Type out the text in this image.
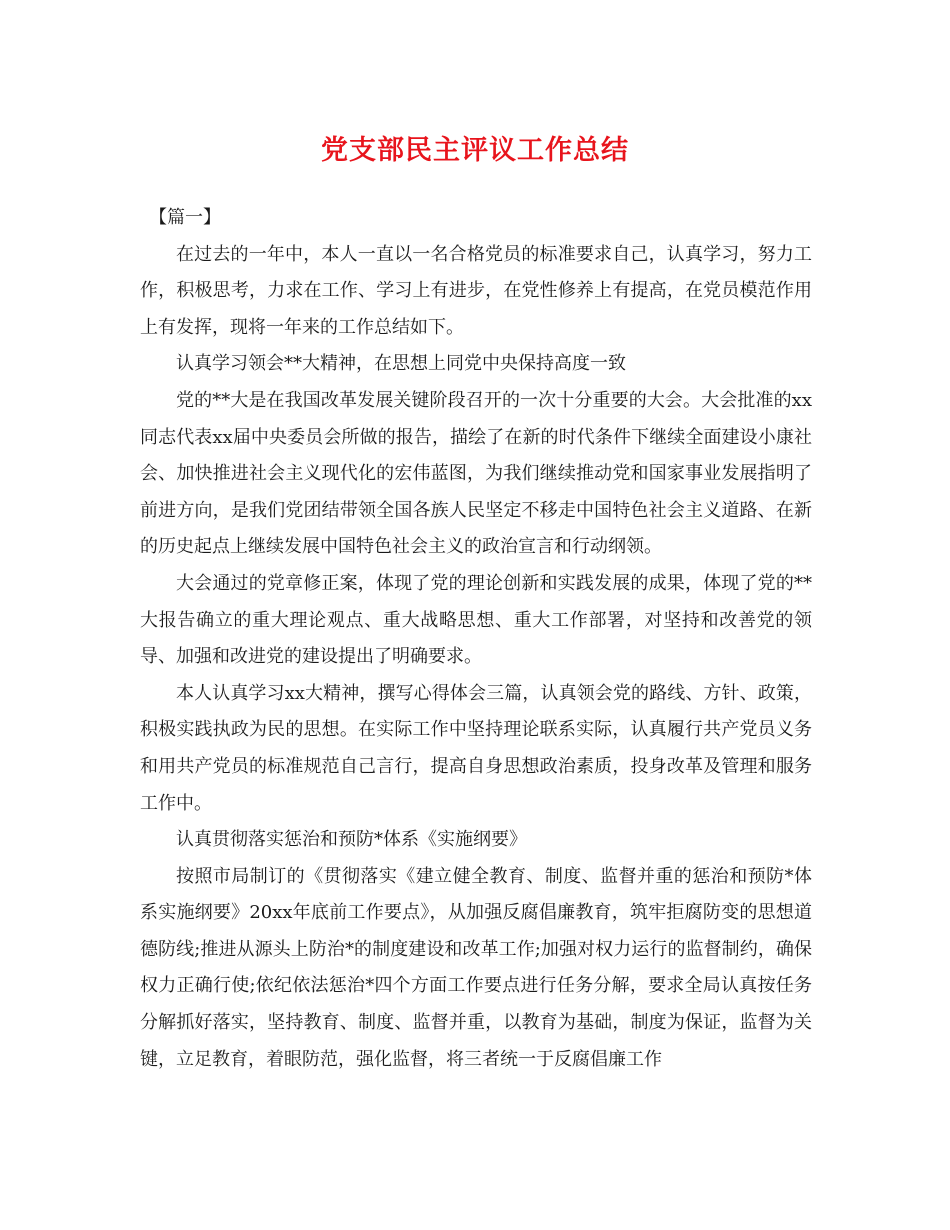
党支部民主评议工作总结

【篇一】

在过去的一年中，本人一直以一名合格党员的标准要求自己，认真学习，努力工作，积极思考，力求在工作、学习上有进步，在党性修养上有提高，在党员模范作用上有发挥，现将一年来的工作总结如下。

认真学习领会**大精神，在思想上同党中央保持高度一致

党的**大是在我国改革发展关键阶段召开的一次十分重要的大会。大会批准的xx同志代表xx届中央委员会所做的报告，描绘了在新的时代条件下继续全面建设小康社会、加快推进社会主义现代化的宏伟蓝图，为我们继续推动党和国家事业发展指明了前进方向，是我们党团结带领全国各族人民坚定不移走中国特色社会主义道路、在新的历史起点上继续发展中国特色社会主义的政治宣言和行动纲领。

大会通过的党章修正案，体现了党的理论创新和实践发展的成果，体现了党的**大报告确立的重大理论观点、重大战略思想、重大工作部署，对坚持和改善党的领导、加强和改进党的建设提出了明确要求。

本人认真学习xx大精神，撰写心得体会三篇，认真领会党的路线、方针、政策，积极实践执政为民的思想。在实际工作中坚持理论联系实际，认真履行共产党员义务和用共产党员的标准规范自己言行，提高自身思想政治素质，投身改革及管理和服务工作中。

认真贯彻落实惩治和预防*体系《实施纲要》

按照市局制订的《贯彻落实《建立健全教育、制度、监督并重的惩治和预防*体系实施纲要》20xx年底前工作要点》，从加强反腐倡廉教育，筑牢拒腐防变的思想道德防线;推进从源头上防治*的制度建设和改革工作;加强对权力运行的监督制约，确保权力正确行使;依纪依法惩治*四个方面工作要点进行任务分解，要求全局认真按任务分解抓好落实，坚持教育、制度、监督并重，以教育为基础，制度为保证，监督为关键，立足教育，着眼防范，强化监督，将三者统一于反腐倡廉工作
